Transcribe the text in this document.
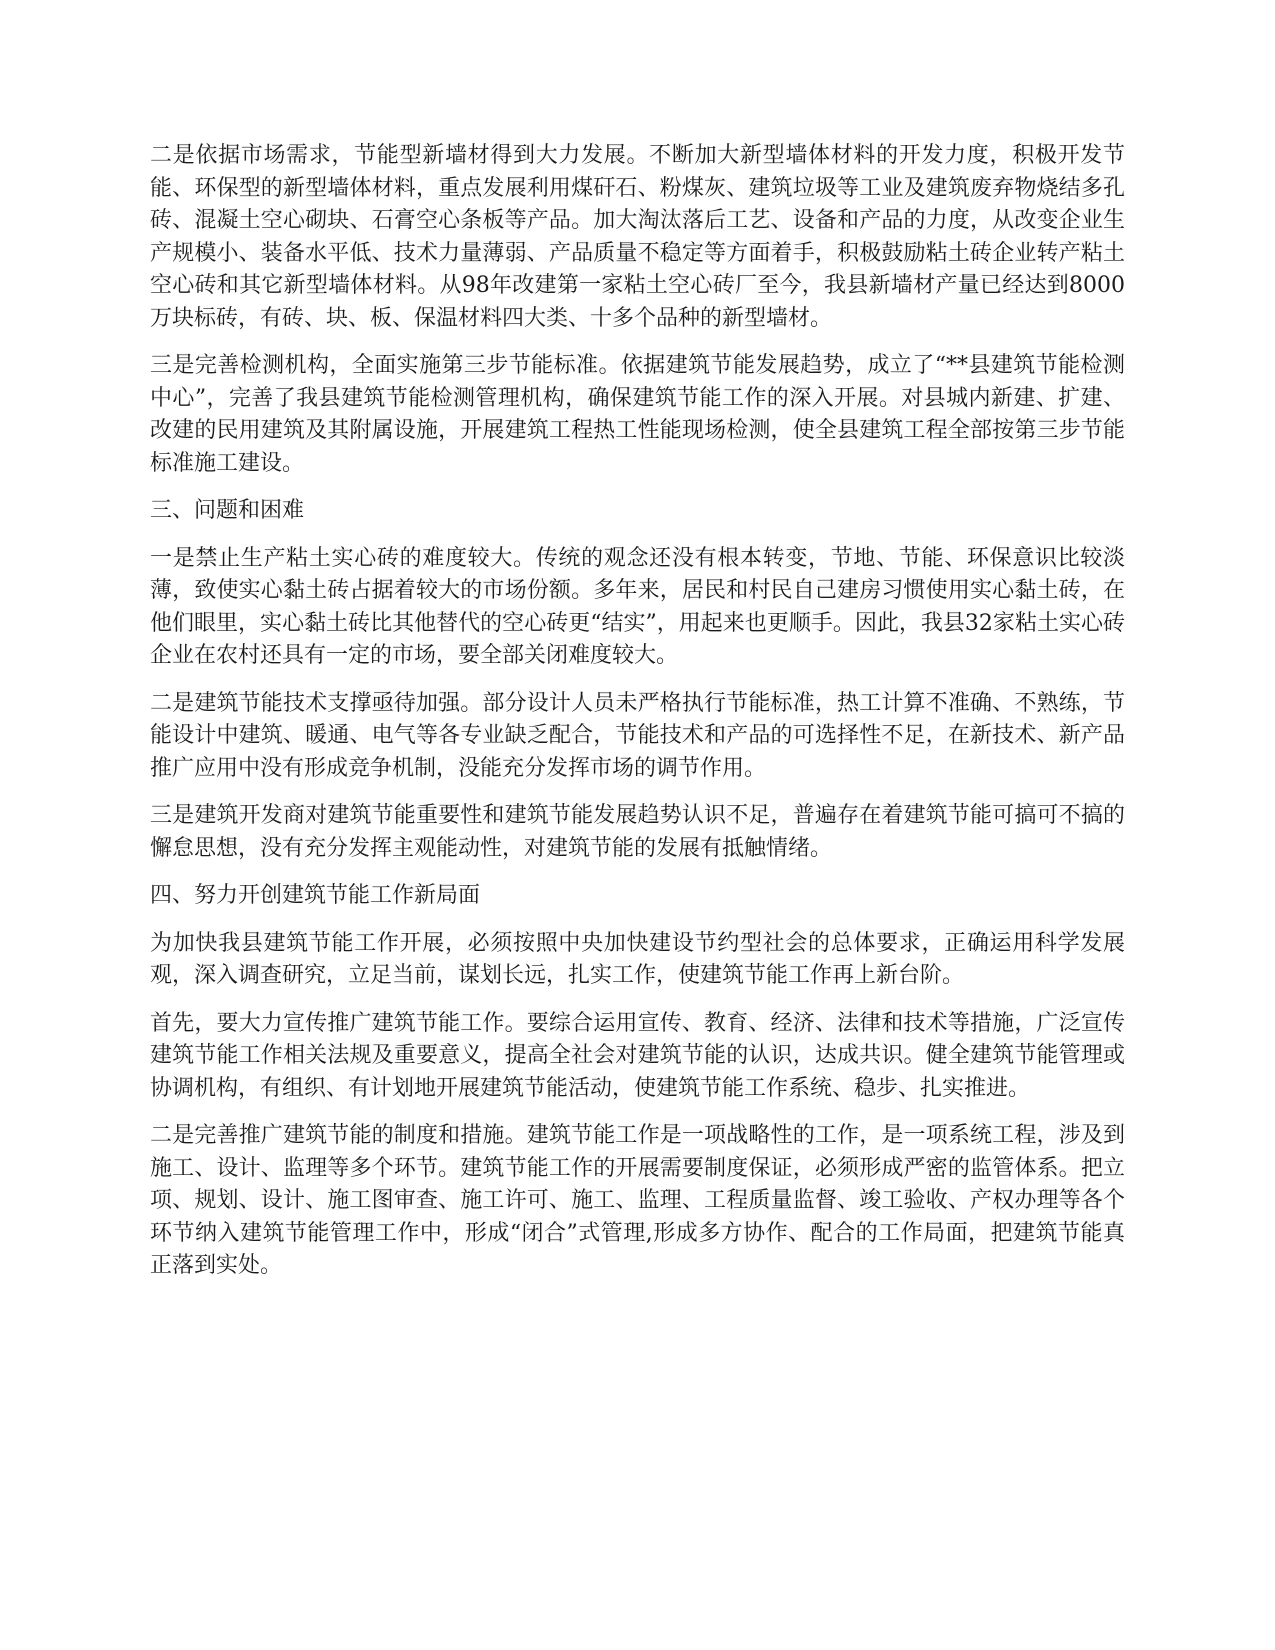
二是依据市场需求，节能型新墙材得到大力发展。不断加大新型墙体材料的开发力度，积极开发节能、环保型的新型墙体材料，重点发展利用煤矸石、粉煤灰、建筑垃圾等工业及建筑废弃物烧结多孔砖、混凝土空心砌块、石膏空心条板等产品。加大淘汰落后工艺、设备和产品的力度，从改变企业生产规模小、装备水平低、技术力量薄弱、产品质量不稳定等方面着手，积极鼓励粘土砖企业转产粘土空心砖和其它新型墙体材料。从98年改建第一家粘土空心砖厂至今，我县新墙材产量已经达到8000万块标砖，有砖、块、板、保温材料四大类、十多个品种的新型墙材。

三是完善检测机构，全面实施第三步节能标准。依据建筑节能发展趋势，成立了“**县建筑节能检测中心”，完善了我县建筑节能检测管理机构，确保建筑节能工作的深入开展。对县城内新建、扩建、改建的民用建筑及其附属设施，开展建筑工程热工性能现场检测，使全县建筑工程全部按第三步节能标准施工建设。

三、问题和困难

一是禁止生产粘土实心砖的难度较大。传统的观念还没有根本转变，节地、节能、环保意识比较淡薄，致使实心黏土砖占据着较大的市场份额。多年来，居民和村民自己建房习惯使用实心黏土砖，在他们眼里，实心黏土砖比其他替代的空心砖更“结实”，用起来也更顺手。因此，我县32家粘土实心砖企业在农村还具有一定的市场，要全部关闭难度较大。

二是建筑节能技术支撑亟待加强。部分设计人员未严格执行节能标准，热工计算不准确、不熟练，节能设计中建筑、暖通、电气等各专业缺乏配合，节能技术和产品的可选择性不足，在新技术、新产品推广应用中没有形成竞争机制，没能充分发挥市场的调节作用。

三是建筑开发商对建筑节能重要性和建筑节能发展趋势认识不足，普遍存在着建筑节能可搞可不搞的懈怠思想，没有充分发挥主观能动性，对建筑节能的发展有抵触情绪。

四、努力开创建筑节能工作新局面

为加快我县建筑节能工作开展，必须按照中央加快建设节约型社会的总体要求，正确运用科学发展观，深入调查研究，立足当前，谋划长远，扎实工作，使建筑节能工作再上新台阶。

首先，要大力宣传推广建筑节能工作。要综合运用宣传、教育、经济、法律和技术等措施，广泛宣传建筑节能工作相关法规及重要意义，提高全社会对建筑节能的认识，达成共识。健全建筑节能管理或协调机构，有组织、有计划地开展建筑节能活动，使建筑节能工作系统、稳步、扎实推进。

二是完善推广建筑节能的制度和措施。建筑节能工作是一项战略性的工作，是一项系统工程，涉及到施工、设计、监理等多个环节。建筑节能工作的开展需要制度保证，必须形成严密的监管体系。把立项、规划、设计、施工图审查、施工许可、施工、监理、工程质量监督、竣工验收、产权办理等各个环节纳入建筑节能管理工作中，形成“闭合”式管理,形成多方协作、配合的工作局面，把建筑节能真正落到实处。
